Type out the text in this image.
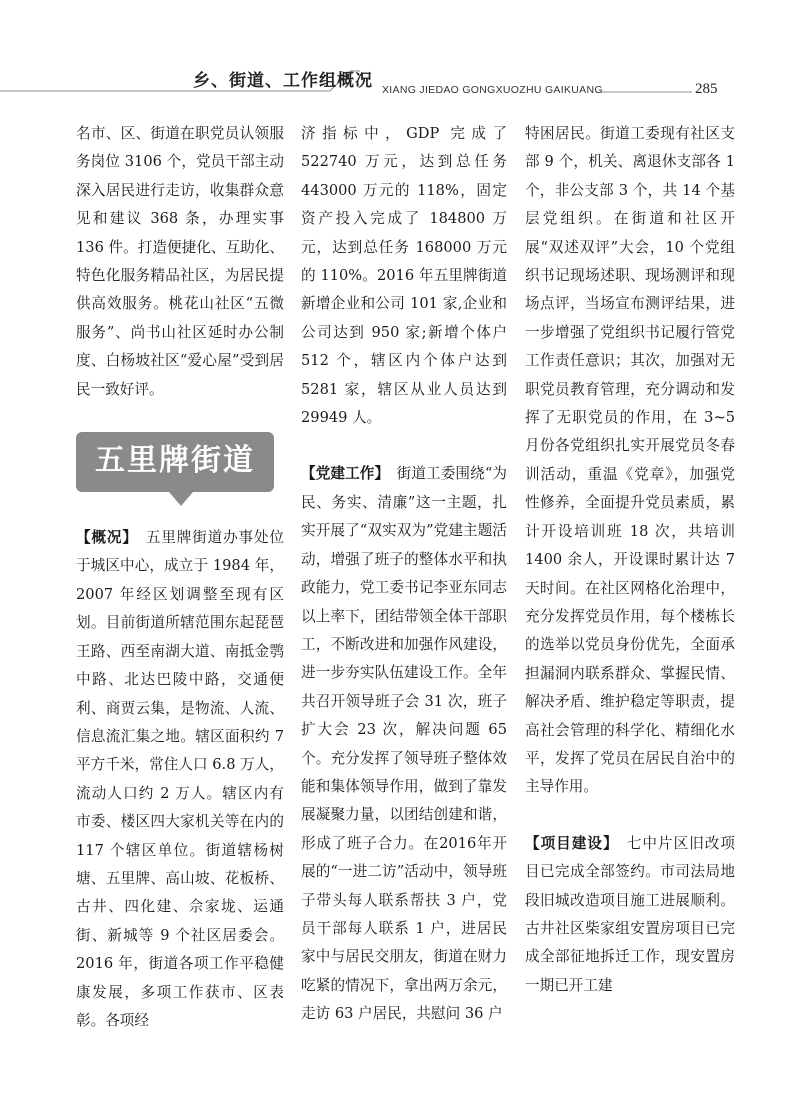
乡、街道、工作组概况 XIANG JIEDAO GONGXUOZHU GAIKUANG	285

名市、区、街道在职党员认领服务岗位 3106 个，党员干部主动深入居民进行走访，收集群众意见和建议 368 条，办理实事 136 件。打造便捷化、互助化、特色化服务精品社区，为居民提供高效服务。桃花山社区“五微服务”、尚书山社区延时办公制度、白杨坡社区“爱心屋”受到居民一致好评。

五里牌街道

【概况】　五里牌街道办事处位于城区中心，成立于 1984 年，2007 年经区划调整至现有区划。目前街道所辖范围东起琵琶王路、西至南湖大道、南抵金鹗中路、北达巴陵中路，交通便利、商贾云集，是物流、人流、信息流汇集之地。辖区面积约 7 平方千米，常住人口 6.8 万人，流动人口约 2 万人。辖区内有市委、楼区四大家机关等在内的 117 个辖区单位。街道辖杨树塘、五里牌、高山坡、花板桥、古井、四化建、佘家垅、运通街、新城等 9 个社区居委会。2016 年，街道各项工作平稳健康发展，多项工作获市、区表彰。各项经

济指标中，GDP 完成了 522740 万元，达到总任务 443000 万元的 118%，固定资产投入完成了 184800 万元，达到总任务 168000 万元的 110%。2016 年五里牌街道新增企业和公司 101 家,企业和公司达到 950 家;新增个体户 512 个，辖区内个体户达到 5281 家，辖区从业人员达到 29949 人。

【党建工作】　街道工委围绕“为民、务实、清廉”这一主题，扎实开展了“双实双为”党建主题活动，增强了班子的整体水平和执政能力，党工委书记李亚东同志以上率下，团结带领全体干部职工，不断改进和加强作风建设，进一步夯实队伍建设工作。全年共召开领导班子会 31 次，班子扩大会 23 次，解决问题 65 个。充分发挥了领导班子整体效能和集体领导作用，做到了靠发展凝聚力量，以团结创建和谐，形成了班子合力。在2016年开展的“一进二访”活动中，领导班子带头每人联系帮扶 3 户，党员干部每人联系 1 户，进居民家中与居民交朋友，街道在财力吃紧的情况下，拿出两万余元，走访 63 户居民，共慰问 36 户

特困居民。街道工委现有社区支部 9 个，机关、离退休支部各 1 个，非公支部 3 个，共 14 个基层党组织。在街道和社区开展“双述双评”大会，10 个党组织书记现场述职、现场测评和现场点评，当场宣布测评结果，进一步增强了党组织书记履行管党工作责任意识；其次，加强对无职党员教育管理，充分调动和发挥了无职党员的作用，在 3~5 月份各党组织扎实开展党员冬春训活动，重温《党章》，加强党性修养，全面提升党员素质，累计开设培训班 18 次，共培训 1400 余人，开设课时累计达 7 天时间。在社区网格化治理中，充分发挥党员作用，每个楼栋长的选举以党员身份优先，全面承担漏洞内联系群众、掌握民情、解决矛盾、维护稳定等职责，提高社会管理的科学化、精细化水平，发挥了党员在居民自治中的主导作用。

【项目建设】　七中片区旧改项目已完成全部签约。市司法局地段旧城改造项目施工进展顺利。古井社区柴家组安置房项目已完成全部征地拆迁工作，现安置房一期已开工建
